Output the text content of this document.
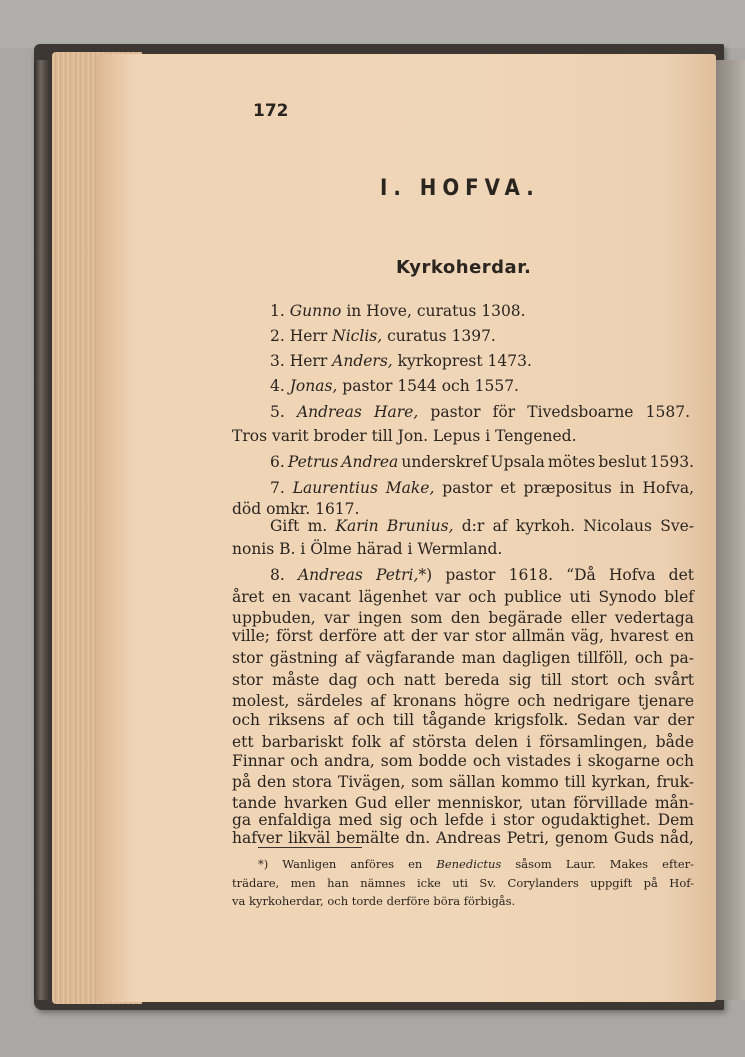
172
I. HOFVA.
Kyrkoherdar.
1. Gunno in Hove, curatus 1308.
2. Herr Niclis, curatus 1397.
3. Herr Anders, kyrkoprest 1473.
4. Jonas, pastor 1544 och 1557.
5. Andreas Hare, pastor för Tivedsboarne 1587.
Tros varit broder till Jon. Lepus i Tengened.
6. Petrus Andrea underskref Upsala mötes beslut 1593.
7. Laurentius Make, pastor et præpositus in Hofva,
död omkr. 1617.
Gift m. Karin Brunius, d:r af kyrkoh. Nicolaus Sve-
nonis B. i Ölme härad i Wermland.
8. Andreas Petri,*) pastor 1618. “Då Hofva det
året en vacant lägenhet var och publice uti Synodo blef
uppbuden, var ingen som den begärade eller vedertaga
ville; först derföre att der var stor allmän väg, hvarest en
stor gästning af vägfarande man dagligen tillföll, och pa-
stor måste dag och natt bereda sig till stort och svårt
molest, särdeles af kronans högre och nedrigare tjenare
och riksens af och till tågande krigsfolk. Sedan var der
ett barbariskt folk af största delen i församlingen, både
Finnar och andra, som bodde och vistades i skogarne och
på den stora Tivägen, som sällan kommo till kyrkan, fruk-
tande hvarken Gud eller menniskor, utan förvillade mån-
ga enfaldiga med sig och lefde i stor ogudaktighet. Dem
hafver likväl bemälte dn. Andreas Petri, genom Guds nåd,
*) Wanligen anföres en Benedictus såsom Laur. Makes efter-
trädare, men han nämnes icke uti Sv. Corylanders uppgift på Hof-
va kyrkoherdar, och torde derföre böra förbigås.
